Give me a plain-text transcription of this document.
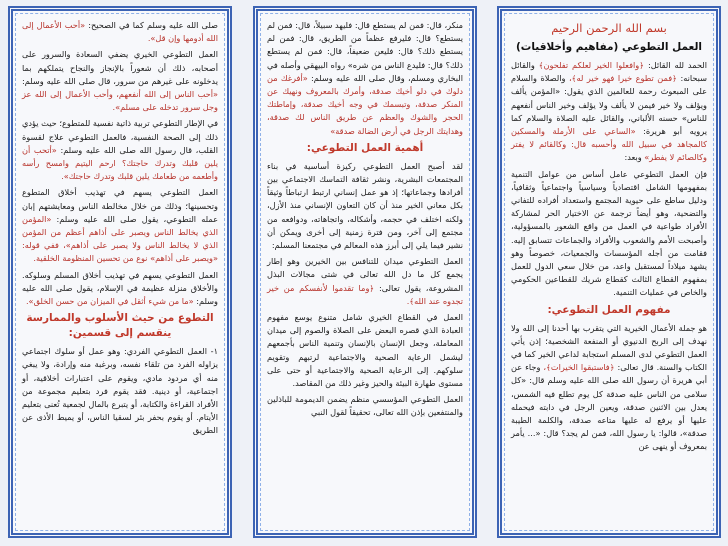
بسم الله الرحمن الرحيم
العمل التطوعي (مفاهيم وأخلاقيات)

الحمد لله القائل: ﴿وافعلوا الخير لعلكم تفلحون﴾ والقائل سبحانه: ﴿فمن تطوع خيرا فهو خير له﴾، والصلاة والسلام على المبعوث رحمة للعالمين الذي يقول: «المؤمن يألف ويؤلف ولا خير فيمن لا يألف ولا يؤلف وخير الناس أنفعهم للناس» حسنه الألباني، والقائل عليه الصلاة والسلام كما يرويه أبو هريرة: «الساعي على الأرملة والمسكين كالمجاهد في سبيل الله وأحسبه قال: وكالقائم لا يفتر وكالصائم لا يفطر» وبعد:

فإن العمل التطوعي عامل أساس من عوامل التنمية بمفهومها الشامل اقتصادياً وسياسياً واجتماعياً وثقافياً، ودليل ساطع على حيوية المجتمع واستعداد أفراده للتفاني والتضحية، وهو أيضاً ترجمة عن الاختيار الحر لمشاركة الأفراد طواعية في العمل من واقع الشعور بالمسؤولية، وأصبحت الأمم والشعوب والأفراد والجماعات تتسابق إليه. فقامت من أجله المؤسسات والجمعيات، خصوصاً وهو يشهد ميلاداً لمستقبل واعد، من خلال سعي الدول للعمل بمفهوم القطاع الثالث كقطاع شريك للقطاعين الحكومي والخاص في عمليات التنمية.

مفهوم العمل التطوعي:

هو جملة الأعمال الخيرية التي يتقرب بها أحدنا إلى الله ولا نهدف إلى الربح الدنيوي أو المنفعة الشخصية؛ إذن يأتي العمل التطوعي لدى المسلم استجابة لداعي الخير كما في الكتاب والسنة. قال تعالى: ﴿فاستبقوا الخيرات﴾، وجاء عن أبي هريرة أن رسول الله صلى الله عليه وسلم قال: «كل سلامى من الناس عليه صدقة كل يوم تطلع فيه الشمس، يعدل بين الاثنين صدقة، ويعين الرجل في دابته فيحمله عليها أو يرفع له عليها متاعه صدقة، والكلمة الطيبة صدقة»، قالوا: يا رسول الله، فمن لم يجد؟ قال: «... يأمر بمعروف أو ينهى عن

منكر، قال: فمن لم يستطع قال: فليهد سبيلاً، قال: فمن لم يستطع؟ قال: فليرفع عظماً من الطريق، قال: فمن لم يستطع ذلك؟ قال: فليعن ضعيفاً، قال: فمن لم يستطع ذلك؟ قال: فليدع الناس من شره» رواه البيهقي وأصله في البخاري ومسلم، وقال صلى الله عليه وسلم: «أفرغك من دلوك في دلو أخيك صدقة، وأمرك بالمعروف ونهيك عن المنكر صدقة، وتبسمك في وجه أخيك صدقة، وإماطتك الحجر والشوك والعظم عن طريق الناس لك صدقة، وهدايتك الرجل في أرض الضالة صدقة»

أهمية العمل التطوعي:

لقد أصبح العمل التطوعي ركيزة أساسية في بناء المجتمعات البشرية، ونشر ثقافة التماسك الاجتماعي بين أفرادها وجماعاتها؛ إذ هو عمل إنساني ارتبط ارتباطاً وثيقاً بكل معاني الخير منذ أن كان التعاون الإنساني منذ الأزل، ولكنه اختلف في حجمه، وأشكاله، واتجاهاته، ودوافعه من مجتمع إلى آخر، ومن فترة زمنية إلى أخرى ويمكن أن نشير فيما يلي إلى أبرز هذه المعالم في مجتمعنا المسلم:

العمل التطوعي ميدان للتنافس بين الخيرين وهو إطار يجمع كل ما دل الله تعالى في شتى مجالات البذل المشروعة، يقول تعالى: ﴿وما تقدموا لأنفسكم من خير تجدوه عند الله﴾.

العمل في القطاع الخيري شامل متنوع يوسع مفهوم العبادة الذي قصره البعض على الصلاة والصوم إلى ميدان المعاملة، وجعل الإنسان بالإنسان وتنمية الناس بأجمعهم ليشمل الرعاية الصحية والاجتماعية لرتبهم وتقويم سلوكهم. إلى الرعاية الصحية والاجتماعية أو حتى على مستوى طهارة البيئة والحيز وغير ذلك من المقاصد.

العمل التطوعي المؤسسي منظم يضمن الديمومة للباذلين والمنتفعين بإذن الله تعالى، تحقيقاً لقول النبي

صلى الله عليه وسلم كما في الصحيح: «أحب الأعمال إلى الله أدومها وإن قل».

العمل التطوعي الخيري يضفي السعادة والسرور على أصحابه، ذلك أن شعوراً بالإنجاز والنجاح يتملكهم بما يدخلونه على غيرهم من سرور، قال صلى الله عليه وسلم: «أحب الناس إلى الله أنفعهم، وأحب الأعمال إلى الله عز وجل سرور تدخله على مسلم».

في الإطار التطوعي تربية ذاتية نفسية للمتطوع؛ حيث يؤدي ذلك إلى الصحة النفسية، فالعمل التطوعي علاج لقسوة القلب، قال رسول الله صلى الله عليه وسلم: «أتحب أن يلين قلبك وتدرك حاجتك؟ ارحم اليتيم وامسح رأسه وأطعمه من طعامك يلين قلبك وتدرك حاجتك».

العمل التطوعي يسهم في تهذيب أخلاق المتطوع وتحسينها؛ وذلك من خلال مخالطة الناس ومعايشتهم إبان عمله التطوعي، يقول صلى الله عليه وسلم: «المؤمن الذي يخالط الناس ويصبر على أذاهم أعظم من المؤمن الذي لا يخالط الناس ولا يصبر على أذاهم»، ففي قوله: «ويصبر على أذاهم» نوع من تحسين المنظومة الخلقية.

العمل التطوعي يسهم في تهذيب أخلاق المسلم وسلوكه. والأخلاق منزلة عظيمة في الإسلام، يقول صلى الله عليه وسلم: «ما من شيء أثقل في الميزان من حسن الخلق».

التطوع من حيث الأسلوب والممارسة ينقسم إلى قسمين:

١- العمل التطوعي الفردي: وهو عمل أو سلوك اجتماعي يزاوله الفرد من تلقاء نفسه، وبرغبة منه وإرادة، ولا يبغي منه أي مردود مادي، ويقوم على اعتبارات أخلاقية، أو اجتماعية، أو دينية. فقد يقوم فرد بتعليم مجموعة من الأفراد القراءة والكتابة، أو يتبرع بالمال لجمعية تُعنى بتعليم الأيتام. أو يقوم بحفر بئر لسقيا الناس، أو يميط الأذى عن الطريق
